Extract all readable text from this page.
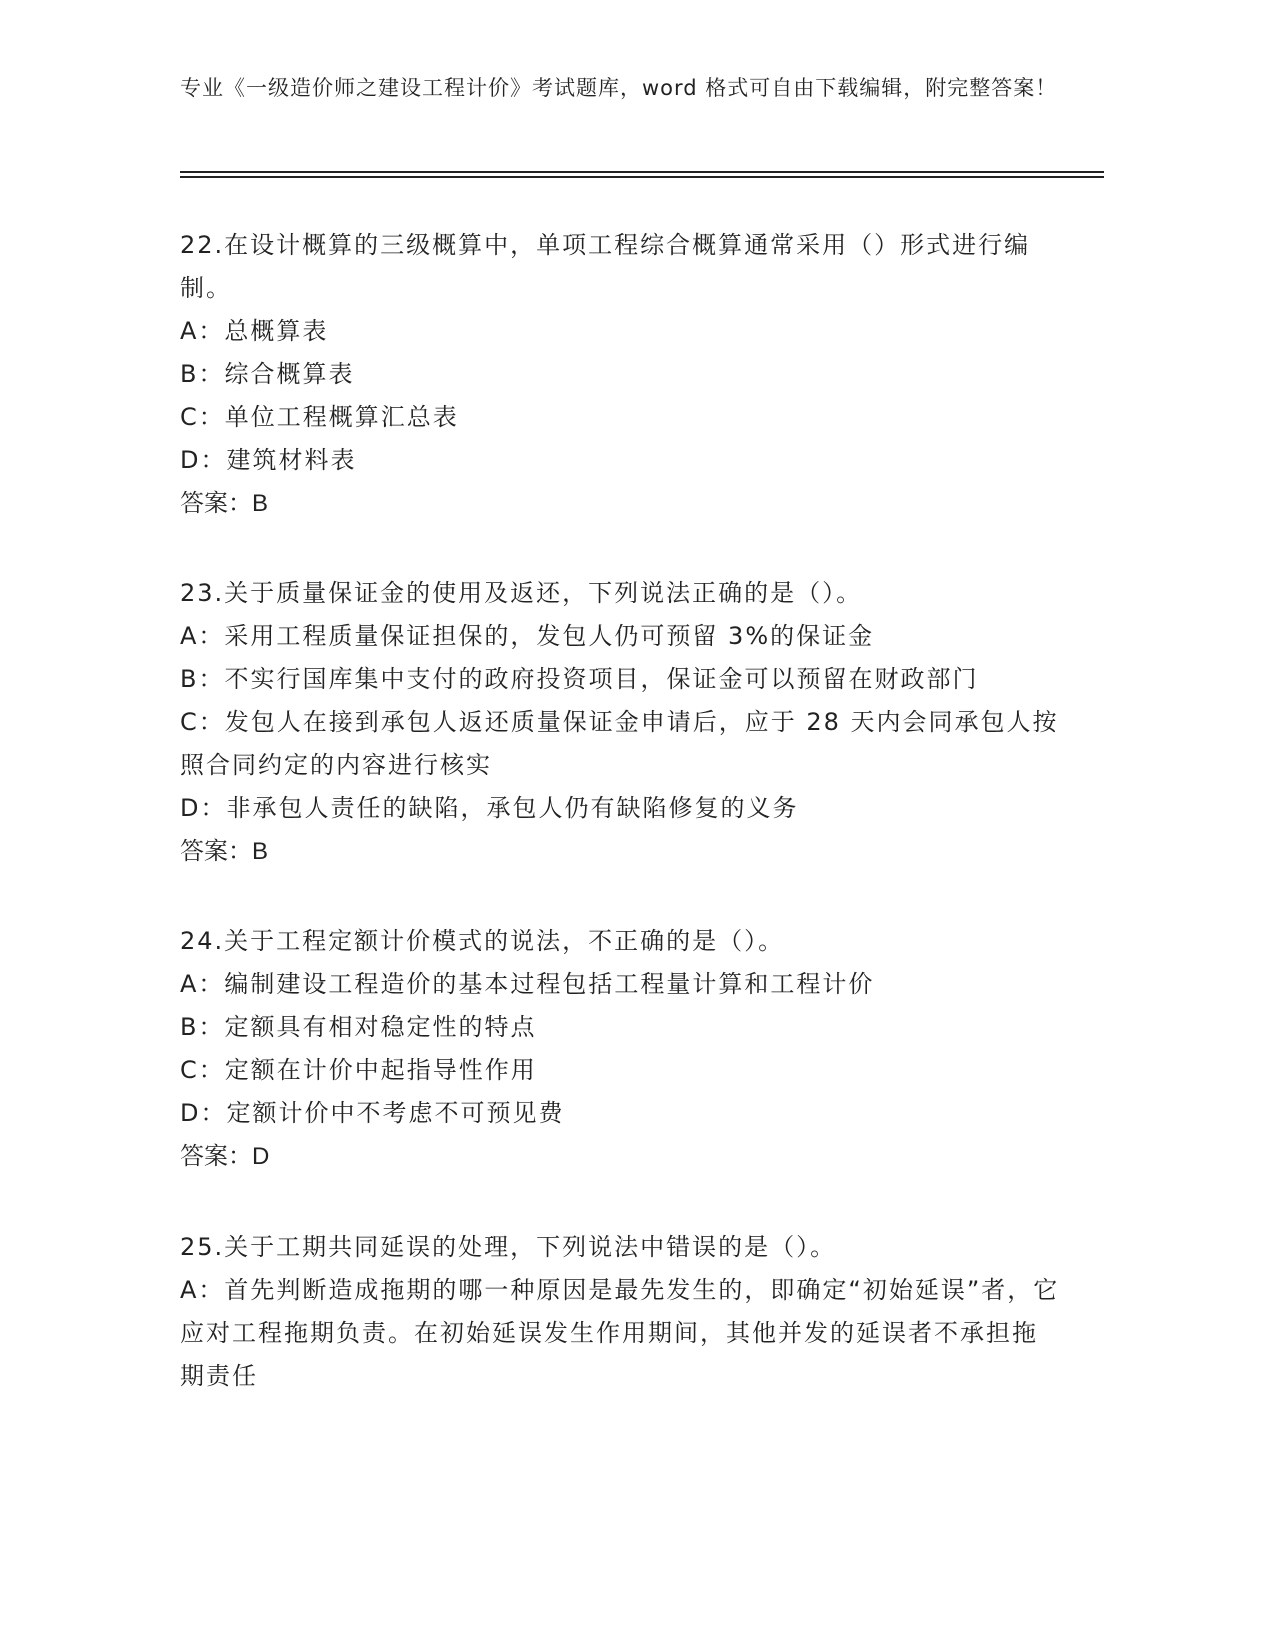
专业《一级造价师之建设工程计价》考试题库，word 格式可自由下载编辑，附完整答案！
22.在设计概算的三级概算中，单项工程综合概算通常采用（）形式进行编制。
A：总概算表
B：综合概算表
C：单位工程概算汇总表
D：建筑材料表
答案：B
23.关于质量保证金的使用及返还，下列说法正确的是（）。
A：采用工程质量保证担保的，发包人仍可预留 3%的保证金
B：不实行国库集中支付的政府投资项目，保证金可以预留在财政部门
C：发包人在接到承包人返还质量保证金申请后，应于 28 天内会同承包人按照合同约定的内容进行核实
D：非承包人责任的缺陷，承包人仍有缺陷修复的义务
答案：B
24.关于工程定额计价模式的说法，不正确的是（）。
A：编制建设工程造价的基本过程包括工程量计算和工程计价
B：定额具有相对稳定性的特点
C：定额在计价中起指导性作用
D：定额计价中不考虑不可预见费
答案：D
25.关于工期共同延误的处理，下列说法中错误的是（）。
A：首先判断造成拖期的哪一种原因是最先发生的，即确定“初始延误”者，它应对工程拖期负责。在初始延误发生作用期间，其他并发的延误者不承担拖期责任
